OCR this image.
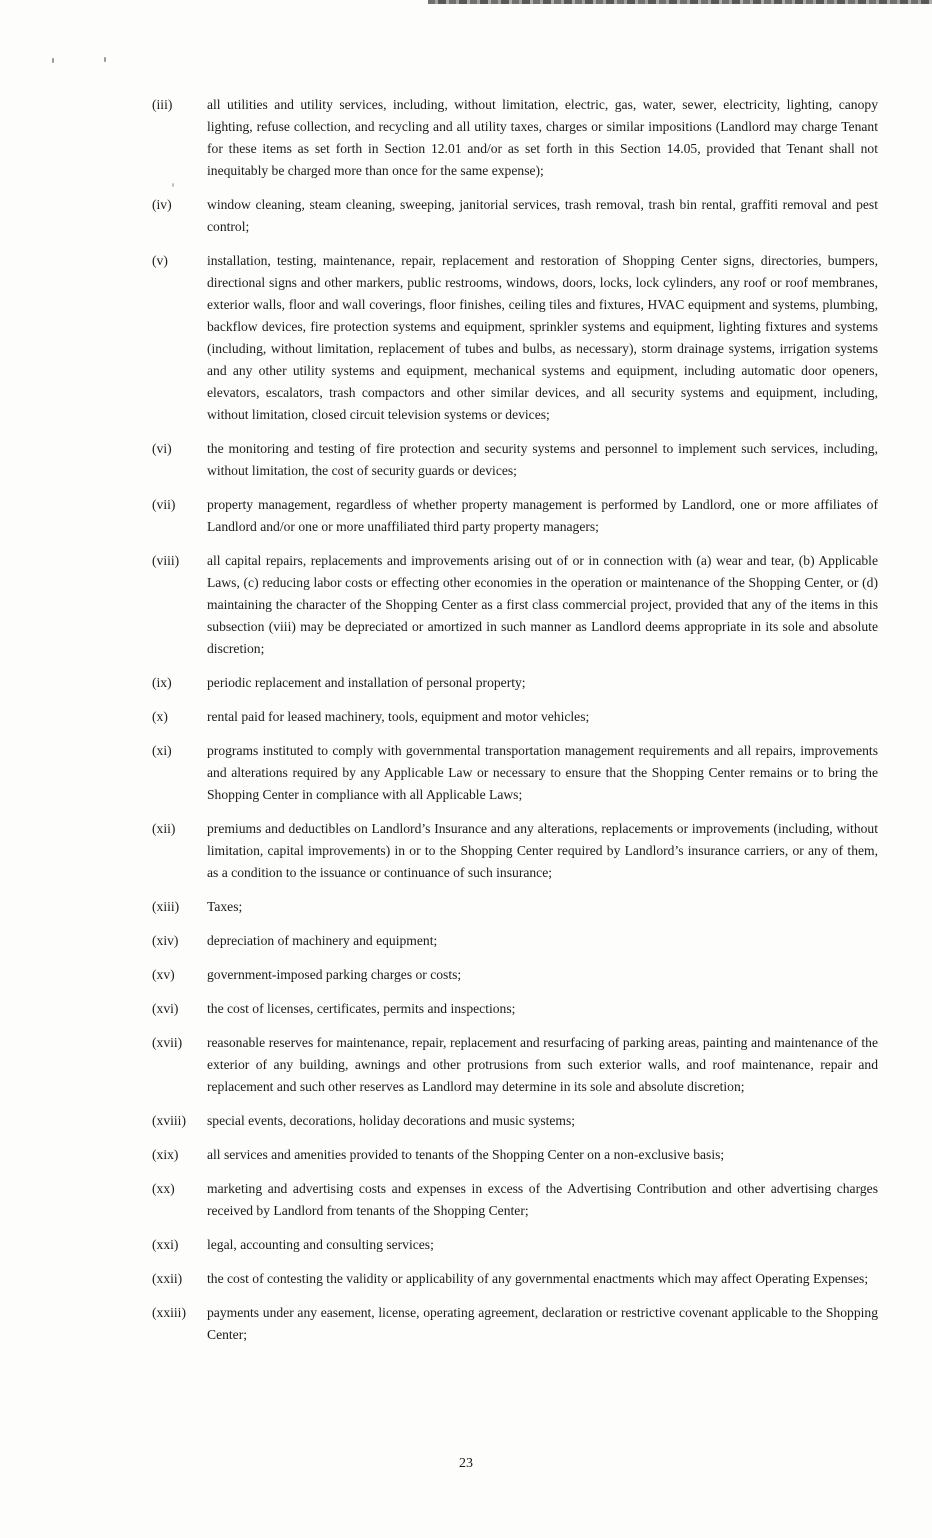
(iii)	all utilities and utility services, including, without limitation, electric, gas, water, sewer, electricity, lighting, canopy lighting, refuse collection, and recycling and all utility taxes, charges or similar impositions (Landlord may charge Tenant for these items as set forth in Section 12.01 and/or as set forth in this Section 14.05, provided that Tenant shall not inequitably be charged more than once for the same expense);
(iv)	window cleaning, steam cleaning, sweeping, janitorial services, trash removal, trash bin rental, graffiti removal and pest control;
(v)	installation, testing, maintenance, repair, replacement and restoration of Shopping Center signs, directories, bumpers, directional signs and other markers, public restrooms, windows, doors, locks, lock cylinders, any roof or roof membranes, exterior walls, floor and wall coverings, floor finishes, ceiling tiles and fixtures, HVAC equipment and systems, plumbing, backflow devices, fire protection systems and equipment, sprinkler systems and equipment, lighting fixtures and systems (including, without limitation, replacement of tubes and bulbs, as necessary), storm drainage systems, irrigation systems and any other utility systems and equipment, mechanical systems and equipment, including automatic door openers, elevators, escalators, trash compactors and other similar devices, and all security systems and equipment, including, without limitation, closed circuit television systems or devices;
(vi)	the monitoring and testing of fire protection and security systems and personnel to implement such services, including, without limitation, the cost of security guards or devices;
(vii)	property management, regardless of whether property management is performed by Landlord, one or more affiliates of Landlord and/or one or more unaffiliated third party property managers;
(viii)	all capital repairs, replacements and improvements arising out of or in connection with (a) wear and tear, (b) Applicable Laws, (c) reducing labor costs or effecting other economies in the operation or maintenance of the Shopping Center, or (d) maintaining the character of the Shopping Center as a first class commercial project, provided that any of the items in this subsection (viii) may be depreciated or amortized in such manner as Landlord deems appropriate in its sole and absolute discretion;
(ix)	periodic replacement and installation of personal property;
(x)	rental paid for leased machinery, tools, equipment and motor vehicles;
(xi)	programs instituted to comply with governmental transportation management requirements and all repairs, improvements and alterations required by any Applicable Law or necessary to ensure that the Shopping Center remains or to bring the Shopping Center in compliance with all Applicable Laws;
(xii)	premiums and deductibles on Landlord’s Insurance and any alterations, replacements or improvements (including, without limitation, capital improvements) in or to the Shopping Center required by Landlord’s insurance carriers, or any of them, as a condition to the issuance or continuance of such insurance;
(xiii)	Taxes;
(xiv)	depreciation of machinery and equipment;
(xv)	government-imposed parking charges or costs;
(xvi)	the cost of licenses, certificates, permits and inspections;
(xvii)	reasonable reserves for maintenance, repair, replacement and resurfacing of parking areas, painting and maintenance of the exterior of any building, awnings and other protrusions from such exterior walls, and roof maintenance, repair and replacement and such other reserves as Landlord may determine in its sole and absolute discretion;
(xviii)	special events, decorations, holiday decorations and music systems;
(xix)	all services and amenities provided to tenants of the Shopping Center on a non-exclusive basis;
(xx)	marketing and advertising costs and expenses in excess of the Advertising Contribution and other advertising charges received by Landlord from tenants of the Shopping Center;
(xxi)	legal, accounting and consulting services;
(xxii)	the cost of contesting the validity or applicability of any governmental enactments which may affect Operating Expenses;
(xxiii)	payments under any easement, license, operating agreement, declaration or restrictive covenant applicable to the Shopping Center;
23
